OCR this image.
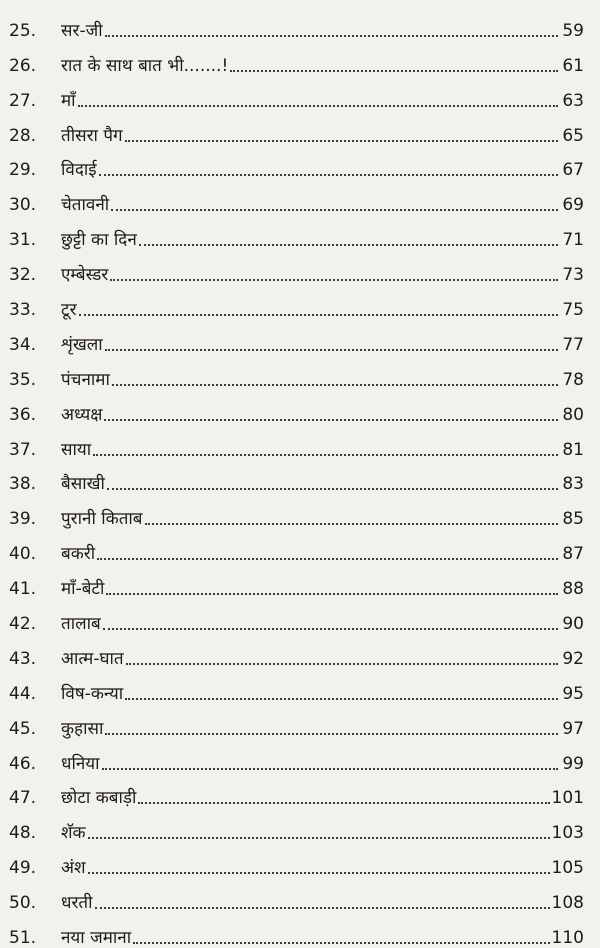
25.	सर-जी	59
26.	रात के साथ बात भी.......!	61
27.	माँ	63
28.	तीसरा पैग	65
29.	विदाई	67
30.	चेतावनी	69
31.	छुट्टी का दिन	71
32.	एम्बेस्डर	73
33.	टूर	75
34.	शृंखला	77
35.	पंचनामा	78
36.	अध्यक्ष	80
37.	साया	81
38.	बैसाखी	83
39.	पुरानी किताब	85
40.	बकरी	87
41.	माँ-बेटी	88
42.	तालाब	90
43.	आत्म-घात	92
44.	विष-कन्या	95
45.	कुहासा	97
46.	धनिया	99
47.	छोटा कबाड़ी	101
48.	शॅक	103
49.	अंश	105
50.	धरती	108
51.	नया जमाना	110
